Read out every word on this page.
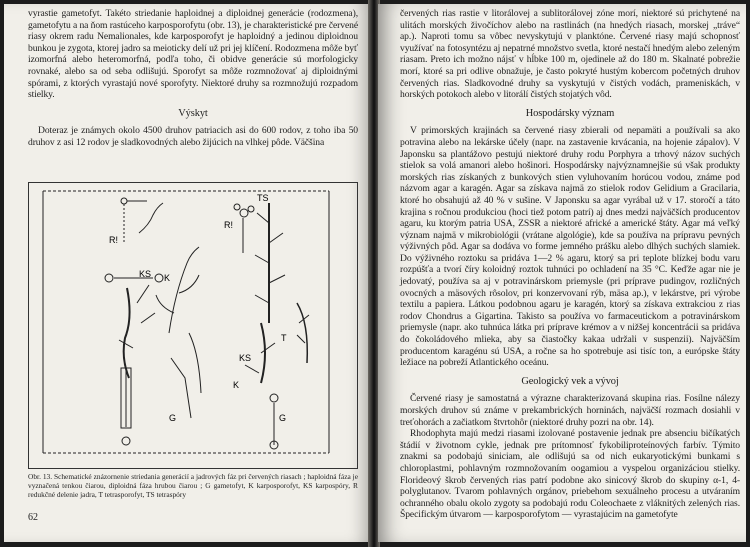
vyrastie gametofyt. Takéto striedanie haploidnej a diploidnej generácie (rodozmena), gametofytu a na ňom rastúceho karposporofytu (obr. 13), je charakteristické pre červené riasy okrem radu Nemalionales, kde karposporofyt je haploidný a jedinou diploidnou bunkou je zygota, ktorej jadro sa meioticky delí už pri jej klíčení. Rodozmena môže byť izomorfná alebo heteromorfná, podľa toho, či obidve generácie sú morfologicky rovnaké, alebo sa od seba odlišujú. Sporofyt sa môže rozmnožovať aj diploidnými spórami, z ktorých vyrastajú nové sporofyty. Niektoré druhy sa rozmnožujú rozpadom stielky.

Výskyt

Doteraz je známych okolo 4500 druhov patriacich asi do 600 rodov, z toho iba 50 druhov z asi 12 rodov je sladkovodných alebo žijúcich na vlhkej pôde. Väčšina

KS K
R!
TS
R!
T
KS
K
G	G

Obr. 13. Schematické znázornenie striedania generácií a jadrových fáz pri červených riasach ; haploidná fáza je vyznačená tenkou čiarou, diploidná fáza hrubou čiarou ; G gametofyt, K karposporofyt, KS karpospóry, R redukčné delenie jadra, T tetrasporofyt, TS tetraspóry

62

červených rias rastie v litorálovej a sublitorálovej zóne morí, niektoré sú prichytené na ulitách morských živočíchov alebo na rastlinách (na hnedých riasach, morskej „tráve“ ap.). Naproti tomu sa vôbec nevyskytujú v planktóne. Červené riasy majú schopnosť využívať na fotosyntézu aj nepatrné množstvo svetla, ktoré nestačí hnedým alebo zeleným riasam. Preto ich možno nájsť v hĺbke 100 m, ojedinele až do 180 m. Skalnaté pobrežie morí, ktoré sa pri odlive obnažuje, je často pokryté hustým kobercom početných druhov červených rias. Sladkovodné druhy sa vyskytujú v čistých vodách, prameniskách, v horských potokoch alebo v litorálí čistých stojatých vôd.

Hospodársky význam

V primorských krajinách sa červené riasy zbierali od nepamäti a používali sa ako potravina alebo na lekárske účely (napr. na zastavenie krvácania, na hojenie zápalov). V Japonsku sa plantážovo pestujú niektoré druhy rodu Porphyra a trhový názov suchých stielok sa volá amanori alebo hošinori. Hospodársky najvýznamnejšie sú však produkty morských rias získaných z bunkových stien vyluhovaním horúcou vodou, známe pod názvom agar a karagén. Agar sa získava najmä zo stielok rodov Gelidium a Gracilaria, ktoré ho obsahujú až 40 % v sušine. V Japonsku sa agar vyrábal už v 17. storočí a táto krajina s ročnou produkciou (hoci tiež potom patrí) aj dnes medzi najväčších producentov agaru, ku ktorým patria USA, ZSSR a niektoré africké a americké štáty. Agar má veľký význam najmä v mikrobiológii (vrátane algológie), kde sa používa na prípravu pevných výživných pôd. Agar sa dodáva vo forme jemného prášku alebo dlhých suchých slamiek. Do výživného roztoku sa pridáva 1—2 % agaru, ktorý sa pri teplote blízkej bodu varu rozpúšťa a tvorí číry koloidný roztok tuhnúci po ochladení na 35 °C. Keďže agar nie je jedovatý, používa sa aj v potravinárskom priemysle (pri príprave pudingov, rozličných ovocných a mäsových rôsolov, pri konzervovaní rýb, mäsa ap.), v lekárstve, pri výrobe textilu a papiera. Látkou podobnou agaru je karagén, ktorý sa získava extrakciou z rias rodov Chondrus a Gigartina. Takisto sa používa vo farmaceutickom a potravinárskom priemysle (napr. ako tuhnúca látka pri príprave krémov a v nižšej koncentrácii sa pridáva do čokoládového mlieka, aby sa čiastočky kakaa udržali v suspenzii). Najväčším producentom karagénu sú USA, a ročne sa ho spotrebuje asi tisíc ton, a európske štáty ležiace na pobreží Atlantického oceánu.

Geologický vek a vývoj

Červené riasy je samostatná a výrazne charakterizovaná skupina rias. Fosílne nálezy morských druhov sú známe v prekambrických horninách, najväčší rozmach dosiahli v treťohorách a začiatkom štvrtohôr (niektoré druhy pozri na obr. 14).

Rhodophyta majú medzi riasami izolované postavenie jednak pre absenciu bičíkatých štádií v životnom cykle, jednak pre prítomnosť fykobiliproteínových farbív. Týmito znakmi sa podobajú siniciam, ale odlišujú sa od nich eukaryotickými bunkami s chloroplastmi, pohlavným rozmnožovaním oogamiou a vyspelou organizáciou stielky. Florideový škrob červených rias patrí podobne ako sinicový škrob do skupiny α-1, 4-polyglutanov. Tvarom pohlavných orgánov, priebehom sexuálneho procesu a utváraním ochranného obalu okolo zygoty sa podobajú rodu Coleochaete z vláknitých zelených rias. Špecifickým útvarom — karposporofytom — vyrastajúcim na gametofyte
